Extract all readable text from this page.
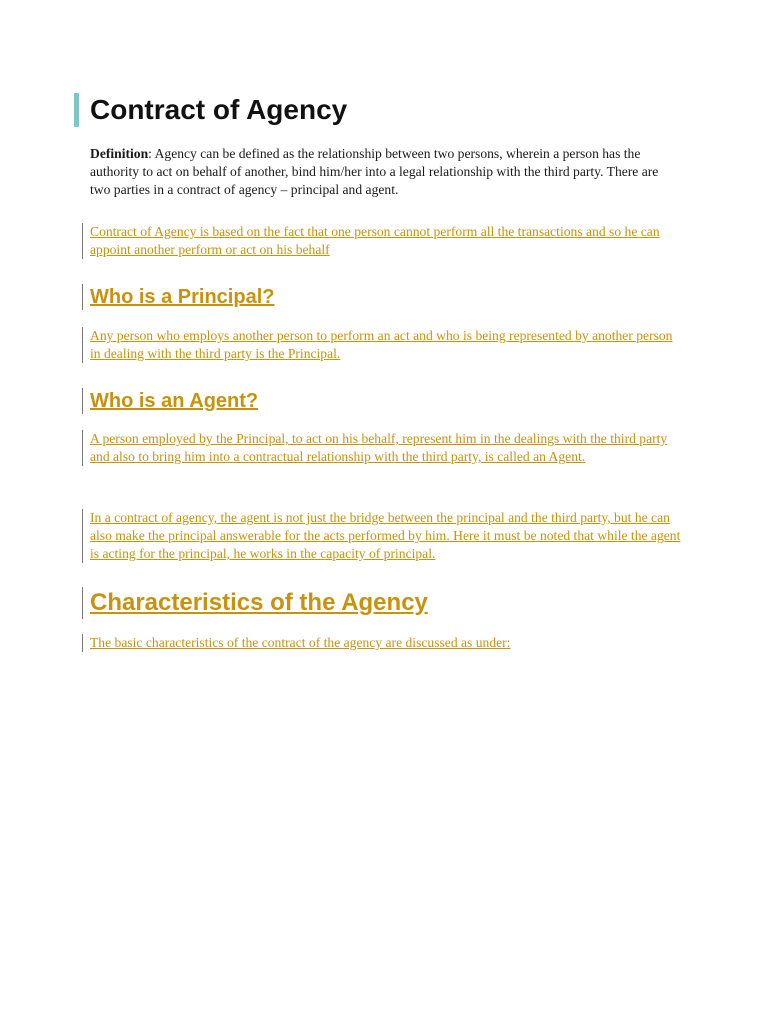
Contract of Agency

Definition: Agency can be defined as the relationship between two persons, wherein a person has the authority to act on behalf of another, bind him/her into a legal relationship with the third party. There are two parties in a contract of agency – principal and agent.

Contract of Agency is based on the fact that one person cannot perform all the transactions and so he can appoint another perform or act on his behalf

Who is a Principal?

Any person who employs another person to perform an act and who is being represented by another person in dealing with the third party is the Principal.

Who is an Agent?

A person employed by the Principal, to act on his behalf, represent him in the dealings with the third party and also to bring him into a contractual relationship with the third party, is called an Agent.

In a contract of agency, the agent is not just the bridge between the principal and the third party, but he can also make the principal answerable for the acts performed by him. Here it must be noted that while the agent is acting for the principal, he works in the capacity of principal.

Characteristics of the Agency

The basic characteristics of the contract of the agency are discussed as under:
